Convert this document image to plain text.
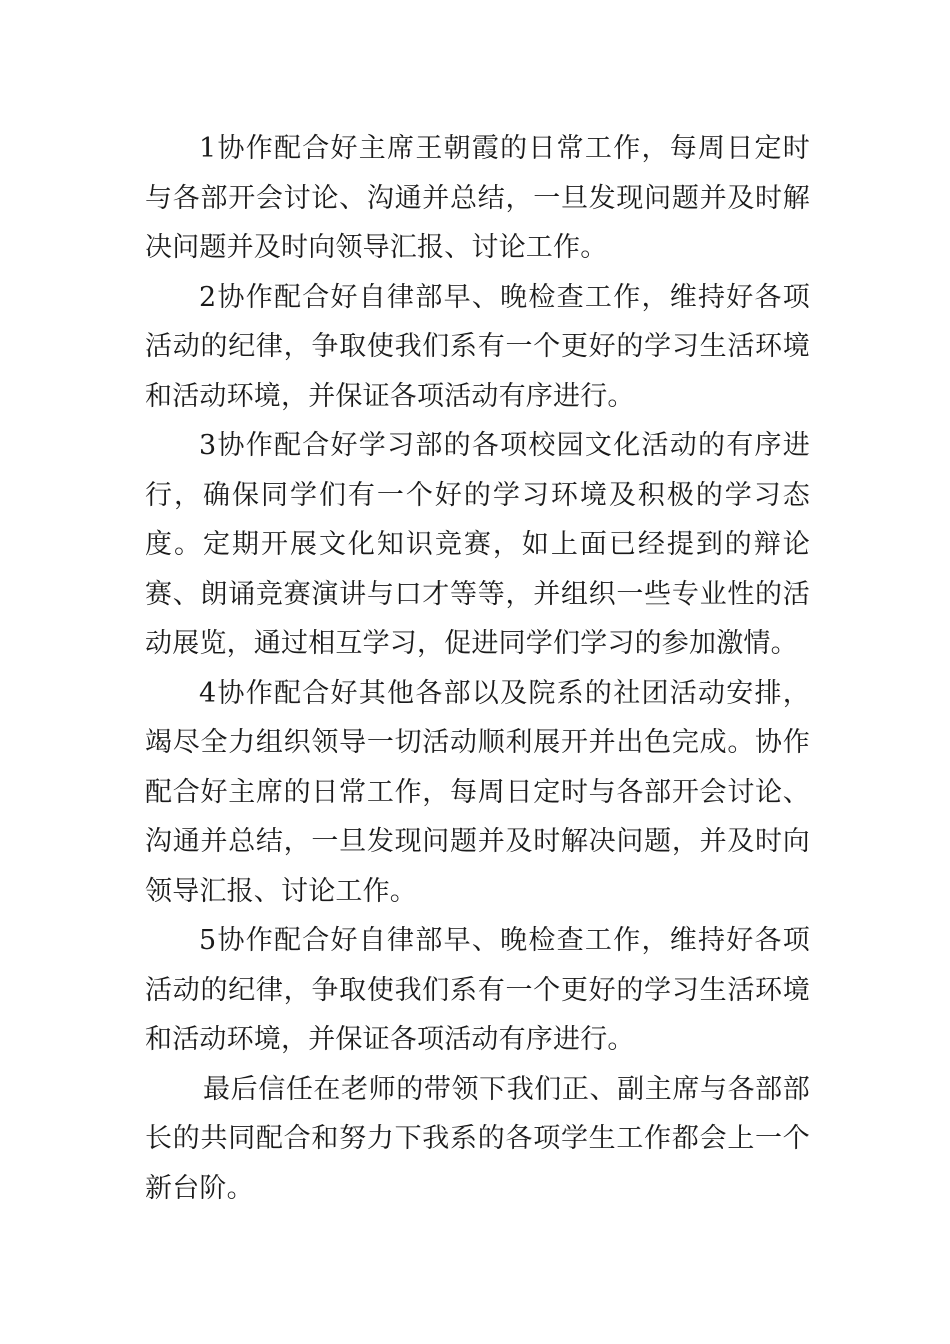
1协作配合好主席王朝霞的日常工作，每周日定时与各部开会讨论、沟通并总结，一旦发现问题并及时解决问题并及时向领导汇报、讨论工作。

2协作配合好自律部早、晚检查工作，维持好各项活动的纪律，争取使我们系有一个更好的学习生活环境和活动环境，并保证各项活动有序进行。

3协作配合好学习部的各项校园文化活动的有序进行，确保同学们有一个好的学习环境及积极的学习态度。定期开展文化知识竞赛，如上面已经提到的辩论赛、朗诵竞赛演讲与口才等等，并组织一些专业性的活动展览，通过相互学习，促进同学们学习的参加激情。

4协作配合好其他各部以及院系的社团活动安排，竭尽全力组织领导一切活动顺利展开并出色完成。协作配合好主席的日常工作，每周日定时与各部开会讨论、沟通并总结，一旦发现问题并及时解决问题，并及时向领导汇报、讨论工作。

5协作配合好自律部早、晚检查工作，维持好各项活动的纪律，争取使我们系有一个更好的学习生活环境和活动环境，并保证各项活动有序进行。

最后信任在老师的带领下我们正、副主席与各部部长的共同配合和努力下我系的各项学生工作都会上一个新台阶。
